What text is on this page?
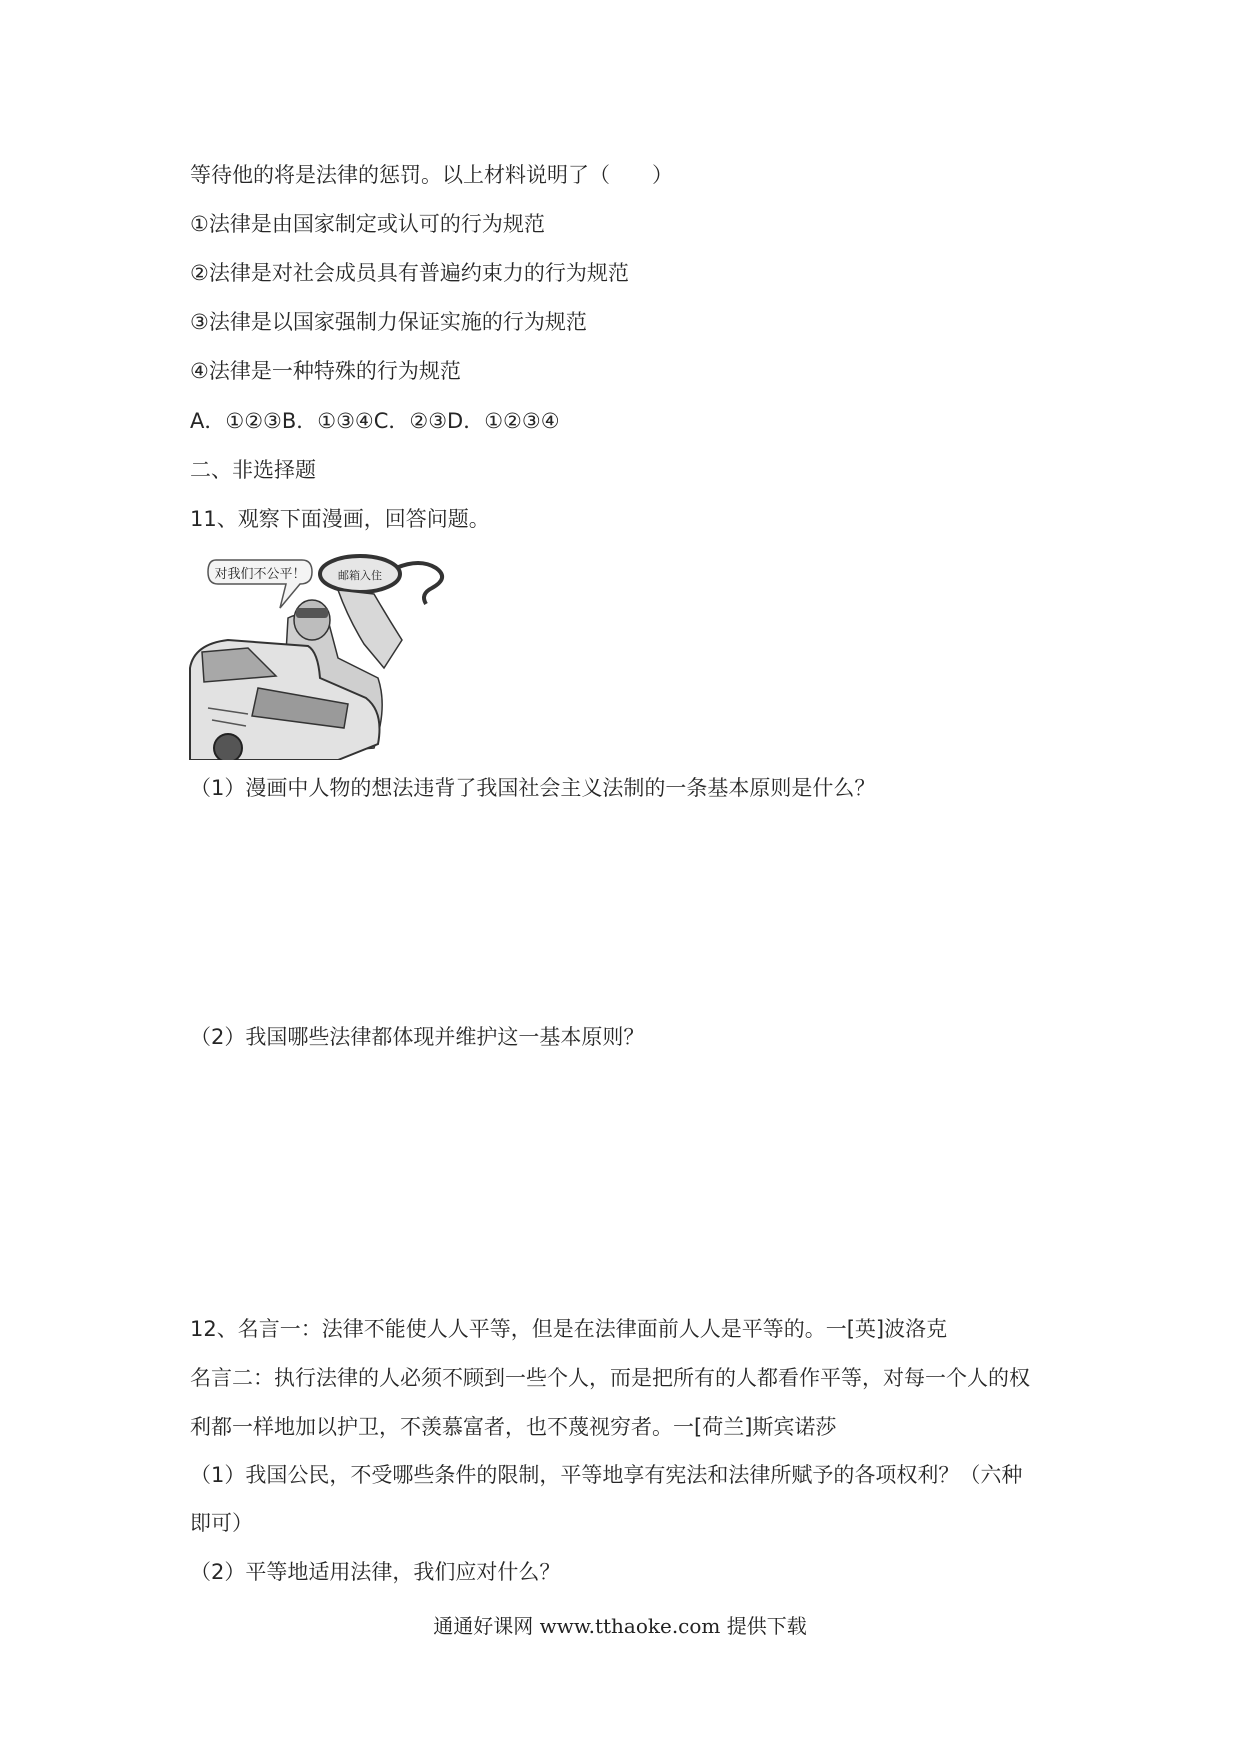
等待他的将是法律的惩罚。以上材料说明了（　　）
①法律是由国家制定或认可的行为规范
②法律是对社会成员具有普遍约束力的行为规范
③法律是以国家强制力保证实施的行为规范
④法律是一种特殊的行为规范
A．①②③B．①③④C．②③D．①②③④
二、非选择题
11、观察下面漫画，回答问题。
对我们不公平！	邮箱入住
（1）漫画中人物的想法违背了我国社会主义法制的一条基本原则是什么？
（2）我国哪些法律都体现并维护这一基本原则？
12、名言一：法律不能使人人平等，但是在法律面前人人是平等的。一[英]波洛克
名言二：执行法律的人必须不顾到一些个人，而是把所有的人都看作平等，对每一个人的权
利都一样地加以护卫，不羡慕富者，也不蔑视穷者。一[荷兰]斯宾诺莎
（1）我国公民，不受哪些条件的限制，平等地享有宪法和法律所赋予的各项权利？（六种
即可）
（2）平等地适用法律，我们应对什么？
通通好课网 www.tthaoke.com 提供下载
